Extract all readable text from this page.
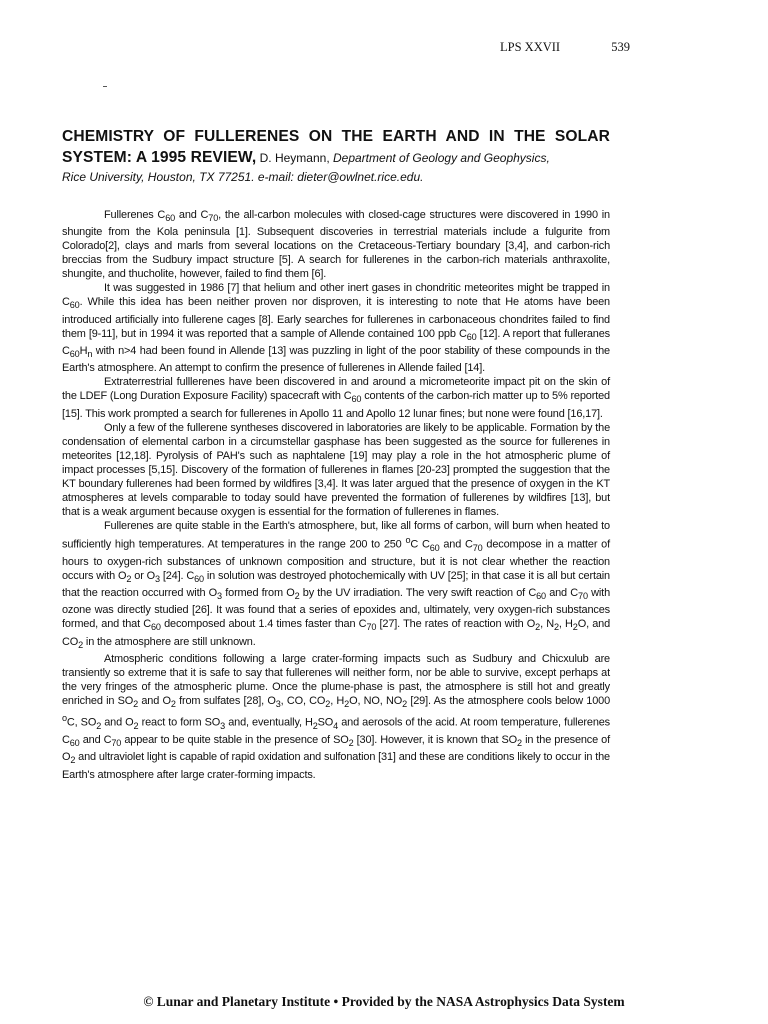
LPS XXVII	539
CHEMISTRY OF FULLERENES ON THE EARTH AND IN THE SOLAR
SYSTEM: A 1995 REVIEW, D. Heymann, Department of Geology and Geophysics,
Rice University, Houston, TX 77251. e-mail: dieter@owlnet.rice.edu.

Fullerenes $C_{60}$ and $C_{70}$, the all-carbon molecules with closed-cage structures were discovered in 1990 in shungite from the Kola peninsula [1]. Subsequent discoveries in terrestrial materials include a fulgurite from Colorado[2], clays and marls from several locations on the Cretaceous-Tertiary boundary [3,4], and carbon-rich breccias from the Sudbury impact structure [5]. A search for fullerenes in the carbon-rich materials anthraxolite, shungite, and thucholite, however, failed to find them [6].

It was suggested in 1986 [7] that helium and other inert gases in chondritic meteorites might be trapped in $C_{60}$. While this idea has been neither proven nor disproven, it is interesting to note that He atoms have been introduced artificially into fullerene cages [8]. Early searches for fullerenes in carbonaceous chondrites failed to find them [9-11], but in 1994 it was reported that a sample of Allende contained 100 ppb $C_{60}$ [12]. A report that fulleranes $C_{60}H_n$ with n>4 had been found in Allende [13] was puzzling in light of the poor stability of these compounds in the Earth's atmosphere. An attempt to confirm the presence of fullerenes in Allende failed [14].

Extraterrestrial fulllerenes have been discovered in and around a micrometeorite impact pit on the skin of the LDEF (Long Duration Exposure Facility) spacecraft with $C_{60}$ contents of the carbon-rich matter up to 5% reported [15]. This work prompted a search for fullerenes in Apollo 11 and Apollo 12 lunar fines; but none were found [16,17].

Only a few of the fullerene syntheses discovered in laboratories are likely to be applicable. Formation by the condensation of elemental carbon in a circumstellar gasphase has been suggested as the source for fullerenes in meteorites [12,18]. Pyrolysis of PAH's such as naphtalene [19] may play a role in the hot atmospheric plume of impact processes [5,15]. Discovery of the formation of fullerenes in flames [20-23] prompted the suggestion that the KT boundary fullerenes had been formed by wildfires [3,4]. It was later argued that the presence of oxygen in the KT atmospheres at levels comparable to today sould have prevented the formation of fullerenes by wildfires [13], but that is a weak argument because oxygen is essential for the formation of fullerenes in flames.

Fullerenes are quite stable in the Earth's atmosphere, but, like all forms of carbon, will burn when heated to sufficiently high temperatures. At temperatures in the range 200 to 250 $^o$C $C_{60}$ and $C_{70}$ decompose in a matter of hours to oxygen-rich substances of unknown composition and structure, but it is not clear whether the reaction occurs with $O_2$ or $O_3$ [24]. $C_{60}$ in solution was destroyed photochemically with UV [25]; in that case it is all but certain that the reaction occurred with $O_3$ formed from $O_2$ by the UV irradiation. The very swift reaction of $C_{60}$ and $C_{70}$ with ozone was directly studied [26]. It was found that a series of epoxides and, ultimately, very oxygen-rich substances formed, and that $C_{60}$ decomposed about 1.4 times faster than $C_{70}$ [27]. The rates of reaction with $O_2$, $N_2$, $H_2O$, and $CO_2$ in the atmosphere are still unknown.

Atmospheric conditions following a large crater-forming impacts such as Sudbury and Chicxulub are transiently so extreme that it is safe to say that fullerenes will neither form, nor be able to survive, except perhaps at the very fringes of the atmospheric plume. Once the plume-phase is past, the atmosphere is still hot and greatly enriched in $SO_2$ and $O_2$ from sulfates [28], $O_3$, CO, $CO_2$, $H_2O$, NO, $NO_2$ [29]. As the atmosphere cools below 1000 $^o$C, $SO_2$ and $O_2$ react to form $SO_3$ and, eventually, $H_2SO_4$ and aerosols of the acid. At room temperature, fullerenes $C_{60}$ and $C_{70}$ appear to be quite stable in the presence of $SO_2$ [30]. However, it is known that $SO_2$ in the presence of $O_2$ and ultraviolet light is capable of rapid oxidation and sulfonation [31] and these are conditions likely to occur in the Earth's atmosphere after large crater-forming impacts.

© Lunar and Planetary Institute • Provided by the NASA Astrophysics Data System
